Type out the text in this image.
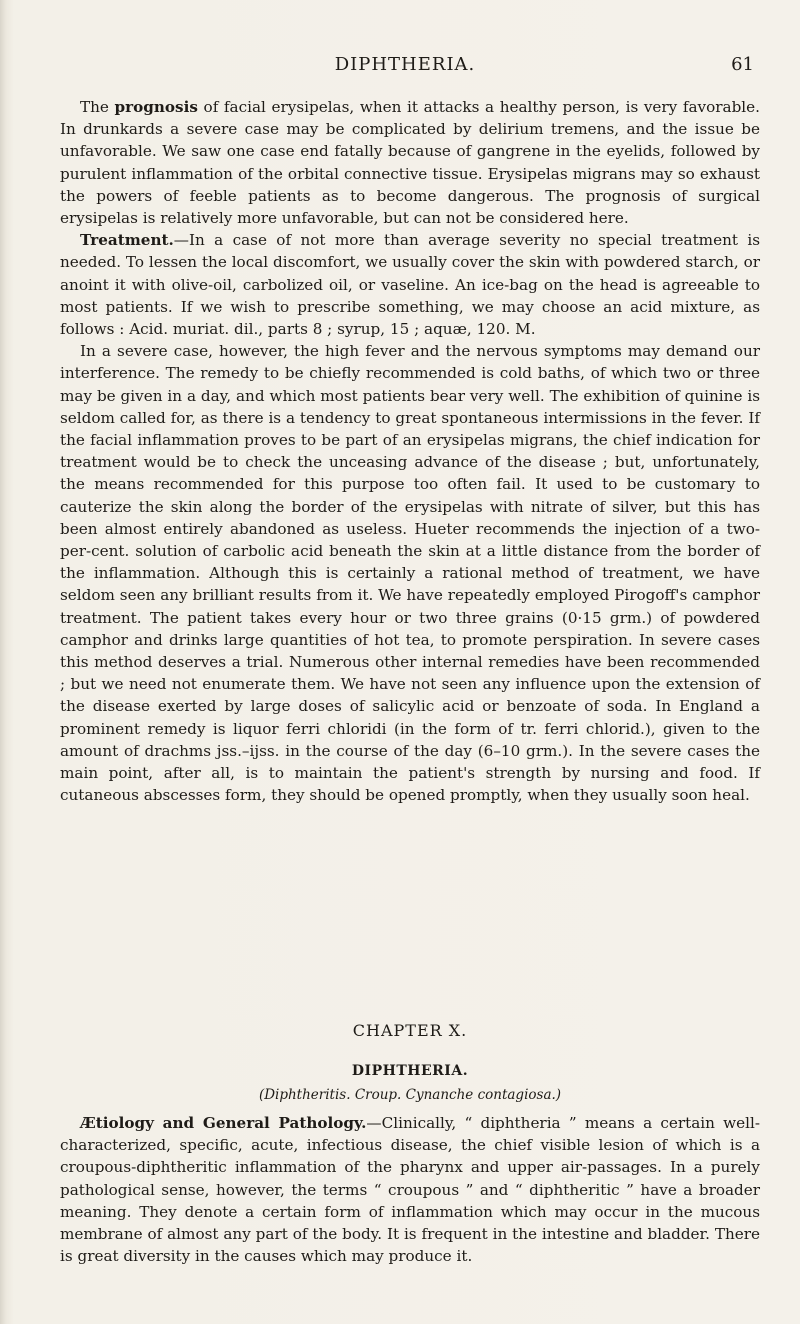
DIPHTHERIA.	61

The prognosis of facial erysipelas, when it attacks a healthy person, is very favorable. In drunkards a severe case may be complicated by delirium tremens, and the issue be unfavorable. We saw one case end fatally because of gangrene in the eyelids, followed by purulent inflammation of the orbital connective tissue. Erysipelas migrans may so exhaust the powers of feeble patients as to become dangerous. The prognosis of surgical erysipelas is relatively more unfavorable, but can not be considered here.

Treatment.—In a case of not more than average severity no special treatment is needed. To lessen the local discomfort, we usually cover the skin with powdered starch, or anoint it with olive-oil, carbolized oil, or vaseline. An ice-bag on the head is agreeable to most patients. If we wish to prescribe something, we may choose an acid mixture, as follows : Acid. muriat. dil., parts 8 ; syrup, 15 ; aquæ, 120. M.

In a severe case, however, the high fever and the nervous symptoms may demand our interference. The remedy to be chiefly recommended is cold baths, of which two or three may be given in a day, and which most patients bear very well. The exhibition of quinine is seldom called for, as there is a tendency to great spontaneous intermissions in the fever. If the facial inflammation proves to be part of an erysipelas migrans, the chief indication for treatment would be to check the unceasing advance of the disease ; but, unfortunately, the means recommended for this purpose too often fail. It used to be customary to cauterize the skin along the border of the erysipelas with nitrate of silver, but this has been almost entirely abandoned as useless. Hueter recommends the injection of a two-per-cent. solution of carbolic acid beneath the skin at a little distance from the border of the inflammation. Although this is certainly a rational method of treatment, we have seldom seen any brilliant results from it. We have repeatedly employed Pirogoff's camphor treatment. The patient takes every hour or two three grains (0·15 grm.) of powdered camphor and drinks large quantities of hot tea, to promote perspiration. In severe cases this method deserves a trial. Numerous other internal remedies have been recommended ; but we need not enumerate them. We have not seen any influence upon the extension of the disease exerted by large doses of salicylic acid or benzoate of soda. In England a prominent remedy is liquor ferri chloridi (in the form of tr. ferri chlorid.), given to the amount of drachms jss.–ijss. in the course of the day (6–10 grm.). In the severe cases the main point, after all, is to maintain the patient's strength by nursing and food. If cutaneous abscesses form, they should be opened promptly, when they usually soon heal.

CHAPTER X.
DIPHTHERIA.
(Diphtheritis. Croup. Cynanche contagiosa.)

Ætiology and General Pathology.—Clinically, “ diphtheria ” means a certain well-characterized, specific, acute, infectious disease, the chief visible lesion of which is a croupous-diphtheritic inflammation of the pharynx and upper air-passages. In a purely pathological sense, however, the terms “ croupous ” and “ diphtheritic ” have a broader meaning. They denote a certain form of inflammation which may occur in the mucous membrane of almost any part of the body. It is frequent in the intestine and bladder. There is great diversity in the causes which may produce it.
